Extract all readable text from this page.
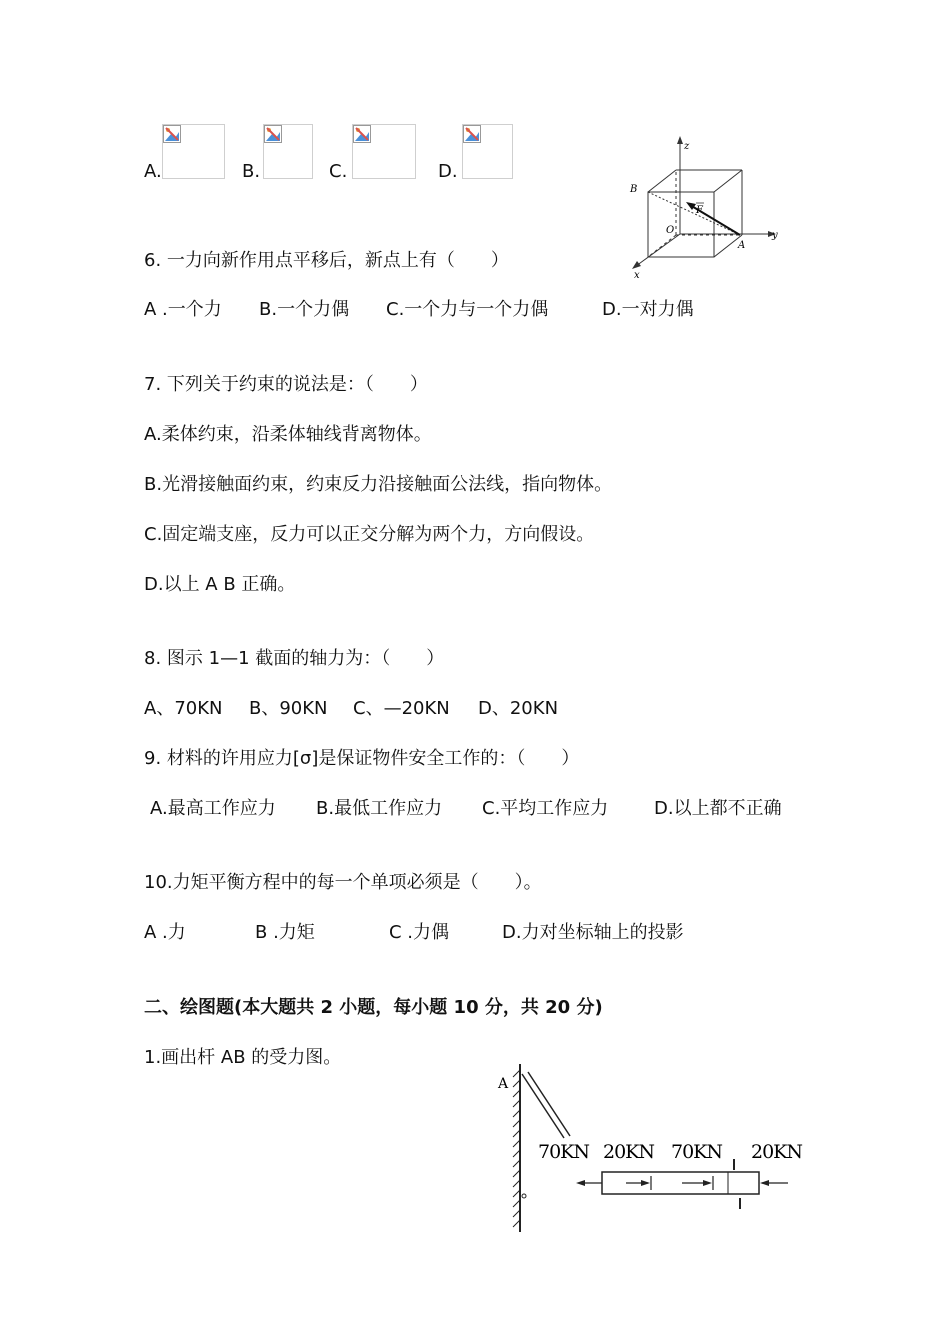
A.	B.	C.	D.
z
y
x
B
A
O
F
6. 一力向新作用点平移后，新点上有（　　）
A .一个力 B.一个力偶 C.一个力与一个力偶	D.一对力偶
7. 下列关于约束的说法是：（　　）
A.柔体约束，沿柔体轴线背离物体。
B.光滑接触面约束，约束反力沿接触面公法线，指向物体。
C.固定端支座，反力可以正交分解为两个力，方向假设。
D.以上 A B 正确。
8. 图示 1—1 截面的轴力为：（　　）
A、70KN B、90KN C、—20KN D、20KN
9. 材料的许用应力[σ]是保证物件安全工作的：（　　）
A.最高工作应力 B.最低工作应力 C.平均工作应力	D.以上都不正确
10.力矩平衡方程中的每一个单项必须是（　　）。
A .力	B .力矩	C .力偶	D.力对坐标轴上的投影
二、绘图题(本大题共 2 小题，每小题 10 分，共 20 分)
1.画出杆 AB 的受力图。
A
70KN 20KN 70KN 20KN
